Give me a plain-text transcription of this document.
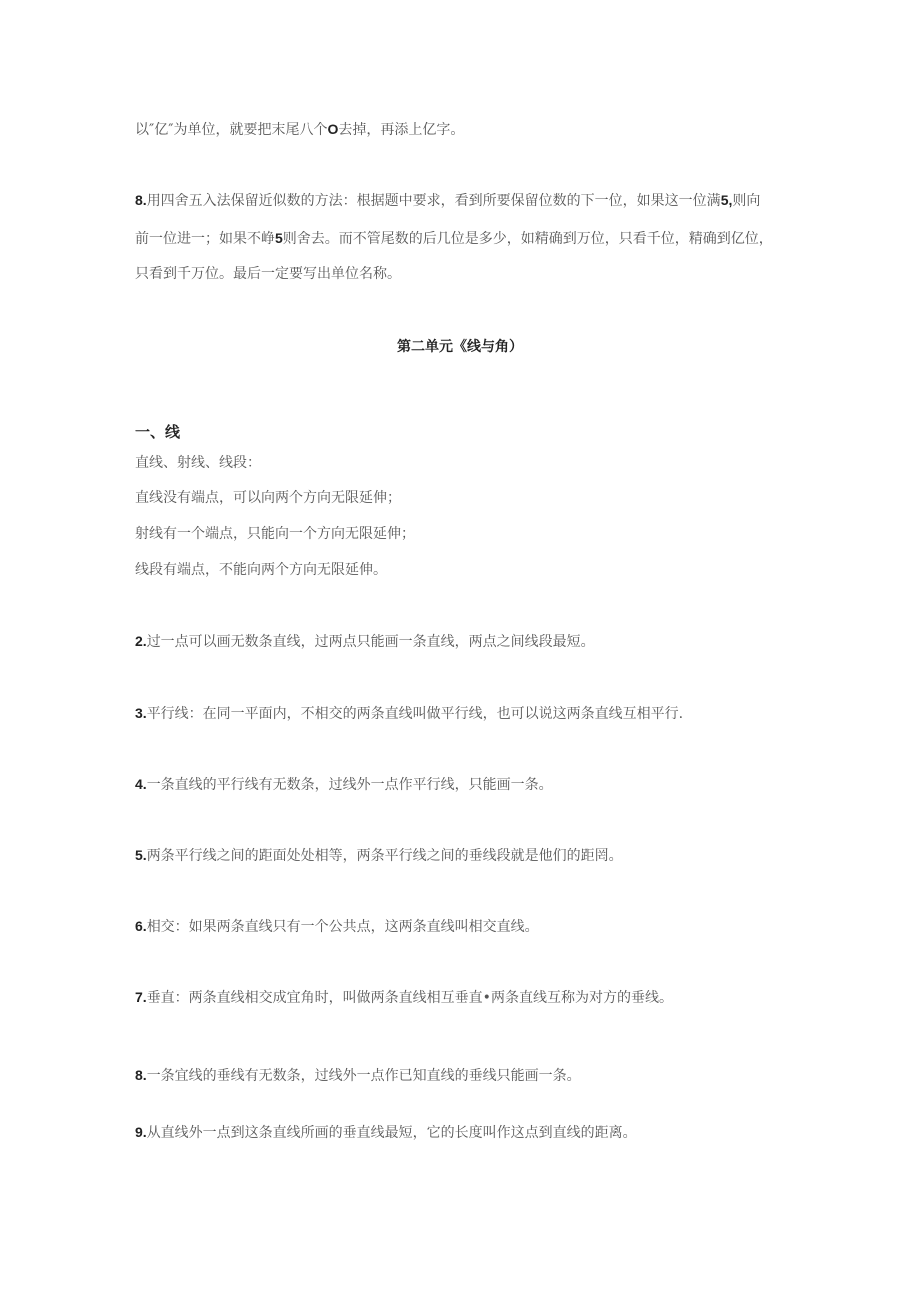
以″亿″为单位，就要把末尾八个O去掉，再添上亿字。
8.用四舍五入法保留近似数的方法：根据题中要求，看到所要保留位数的下一位，如果这一位满5,则向
前一位进一；如果不峥5则舍去。而不管尾数的后几位是多少，如精确到万位，只看千位，精确到亿位，
只看到千万位。最后一定要写出单位名称。
第二单元《线与角）
一、线
直线、射线、线段：
直线没有端点，可以向两个方向无限延伸；
射线有一个端点，只能向一个方向无限延伸；
线段有端点，不能向两个方向无限延伸。
2.过一点可以画无数条直线，过两点只能画一条直线，两点之间线段最短。
3.平行线：在同一平面内，不相交的两条直线叫做平行线，也可以说这两条直线互相平行.
4.一条直线的平行线有无数条，过线外一点作平行线，只能画一条。
5.两条平行线之间的距面处处相等，两条平行线之间的垂线段就是他们的距罔。
6.相交：如果两条直线只有一个公共点，这两条直线叫相交直线。
7.垂直：两条直线相交成宜角时，叫做两条直线相互垂直•两条直线互称为对方的垂线。
8.一条宜线的垂线有无数条，过线外一点作已知直线的垂线只能画一条。
9.从直线外一点到这条直线所画的垂直线最短，它的长度叫作这点到直线的距离。
